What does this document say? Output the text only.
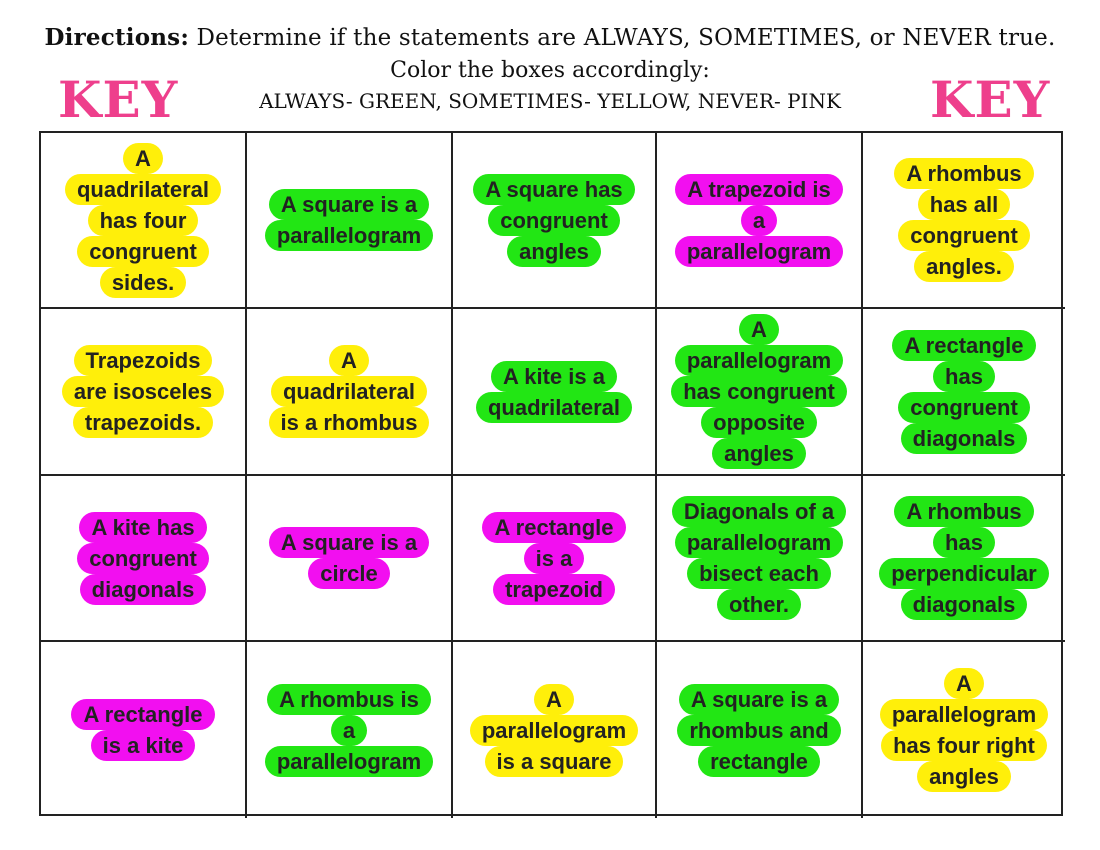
Directions: Determine if the statements are ALWAYS, SOMETIMES, or NEVER true.
Color the boxes accordingly:
KEY	ALWAYS- GREEN, SOMETIMES- YELLOW, NEVER- PINK	KEY
A
quadrilateral
has four
congruent
sides.
A square is a
parallelogram
A square has
congruent
angles
A trapezoid is
a
parallelogram
A rhombus
has all
congruent
angles.
Trapezoids
are isosceles
trapezoids.
A
quadrilateral
is a rhombus
A kite is a
quadrilateral
A
parallelogram
has congruent
opposite
angles
A rectangle
has
congruent
diagonals
A kite has
congruent
diagonals
A square is a
circle
A rectangle
is a
trapezoid
Diagonals of a
parallelogram
bisect each
other.
A rhombus
has
perpendicular
diagonals
A rectangle
is a kite
A rhombus is
a
parallelogram
A
parallelogram
is a square
A square is a
rhombus and
rectangle
A
parallelogram
has four right
angles
